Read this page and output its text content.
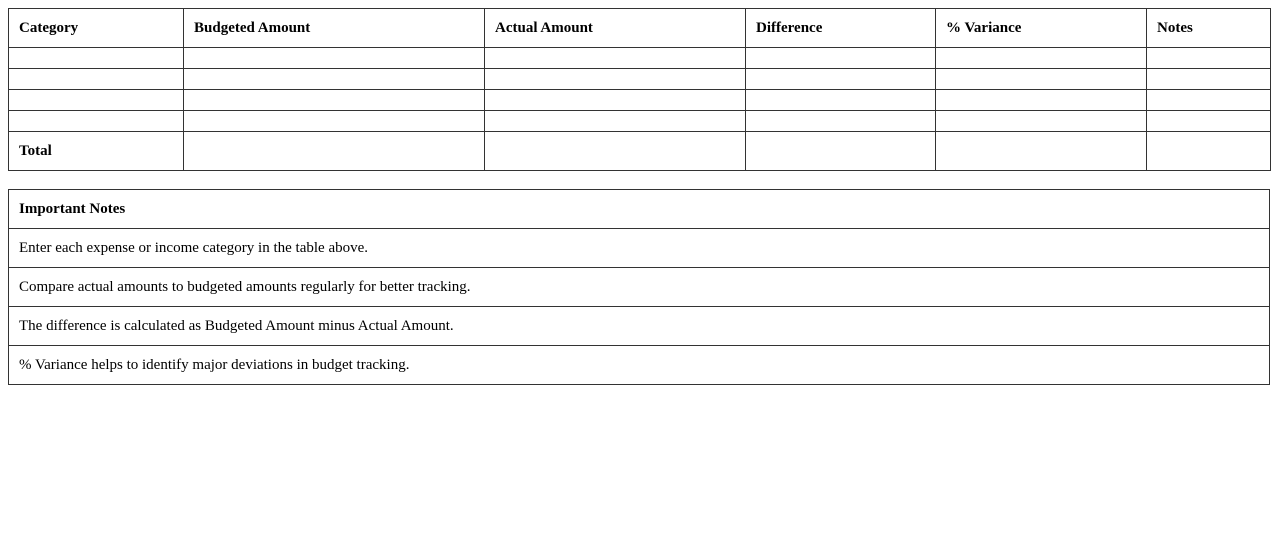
Category	Budgeted Amount	Actual Amount	Difference	% Variance	Notes

Total					
Important Notes
Enter each expense or income category in the table above.
Compare actual amounts to budgeted amounts regularly for better tracking.
The difference is calculated as Budgeted Amount minus Actual Amount.
% Variance helps to identify major deviations in budget tracking.
